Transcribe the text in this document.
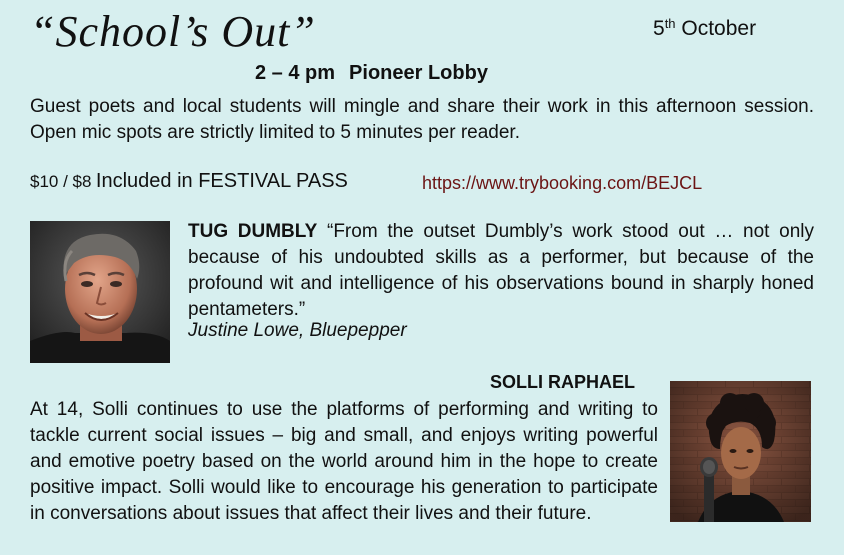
“School’s Out”	5th October
2 – 4 pm Pioneer Lobby

Guest poets and local students will mingle and share their work in this afternoon session. Open mic spots are strictly limited to 5 minutes per reader.

$10 / $8 Included in FESTIVAL PASS	https://www.trybooking.com/BEJCL

TUG DUMBLY “From the outset Dumbly’s work stood out … not only because of his undoubted skills as a performer, but because of the profound wit and intelligence of his observations bound in sharply honed pentameters.”

Justine Lowe, Bluepepper
SOLLI RAPHAEL

At 14, Solli continues to use the platforms of performing and writing to tackle current social issues – big and small, and enjoys writing powerful and emotive poetry based on the world around him in the hope to create positive impact. Solli would like to encourage his generation to participate in conversations about issues that affect their lives and their future.
